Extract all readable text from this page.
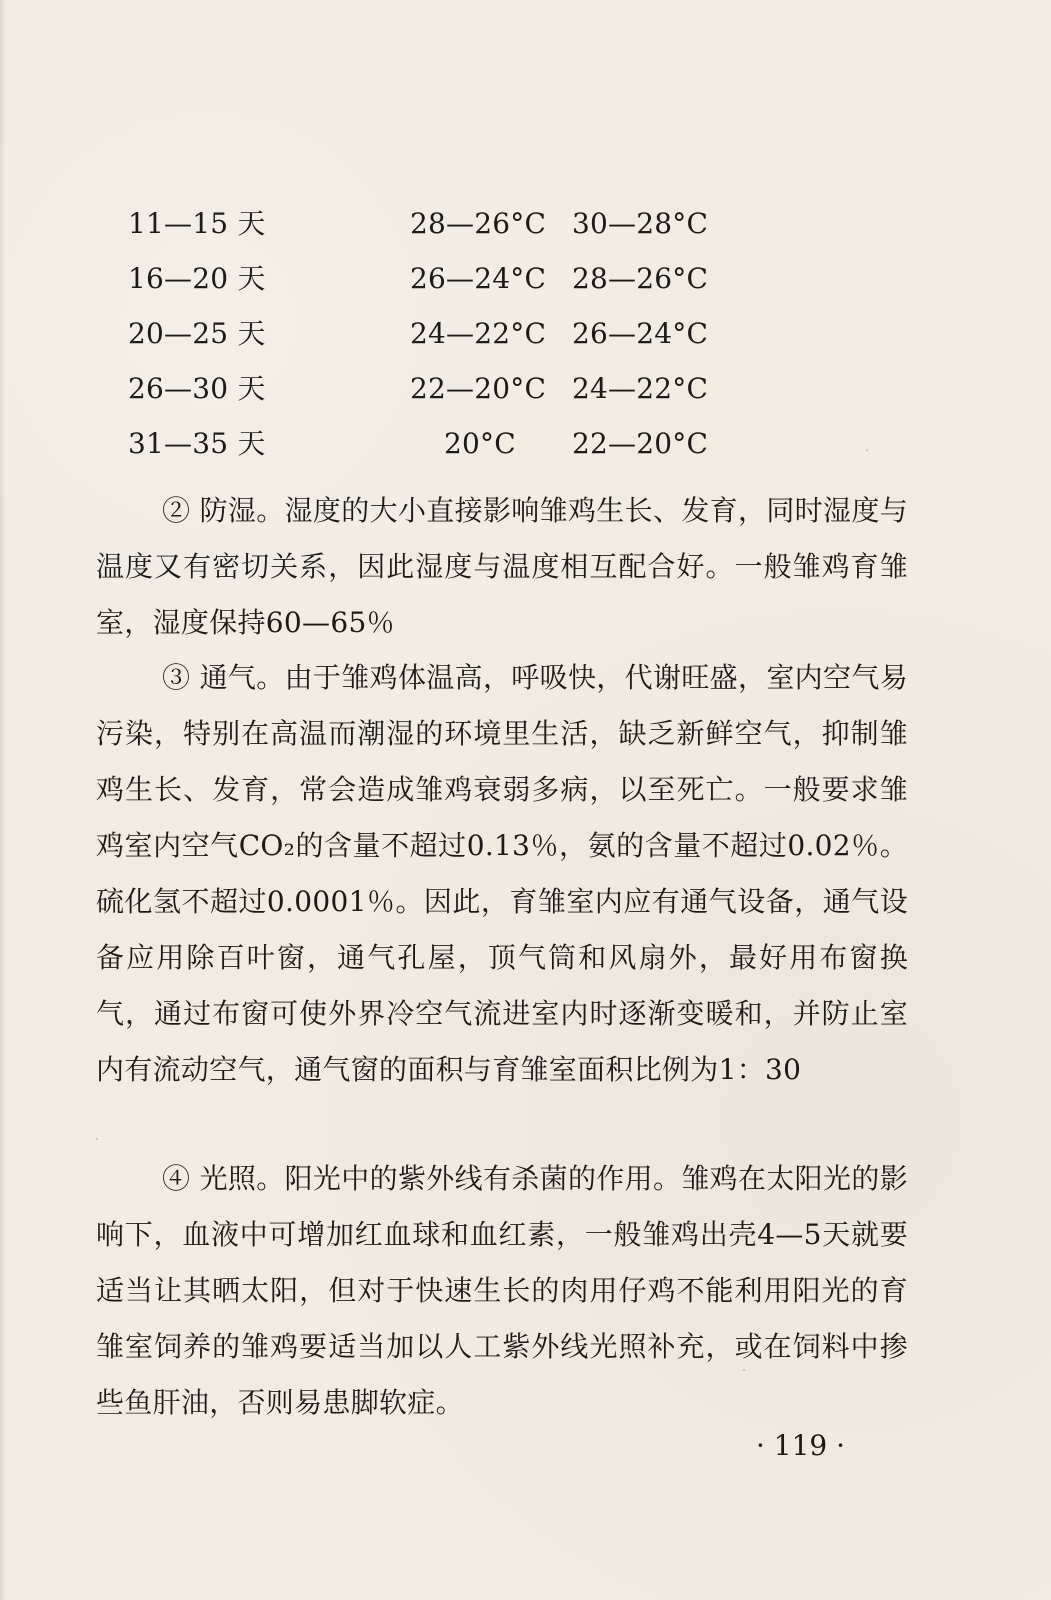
11—15 天	28—26°C 30—28°C
16—20 天	26—24°C 28—26°C
20—25 天	24—22°C 26—24°C
26—30 天	22—20°C 24—22°C
31—35 天	20°C	22—20°C

② 防湿。湿度的大小直接影响雏鸡生长、发育，同时湿度与温度又有密切关系，因此湿度与温度相互配合好。一般雏鸡育雏室，湿度保持60—65％

③ 通气。由于雏鸡体温高，呼吸快，代谢旺盛，室内空气易污染，特别在高温而潮湿的环境里生活，缺乏新鲜空气，抑制雏鸡生长、发育，常会造成雏鸡衰弱多病，以至死亡。一般要求雏鸡室内空气CO₂的含量不超过0.13％，氨的含量不超过0.02％。硫化氢不超过0.0001％。因此，育雏室内应有通气设备，通气设备应用除百叶窗，通气孔屋，顶气筒和风扇外，最好用布窗换气，通过布窗可使外界冷空气流进室内时逐渐变暖和，并防止室内有流动空气，通气窗的面积与育雏室面积比例为1：30

④ 光照。阳光中的紫外线有杀菌的作用。雏鸡在太阳光的影响下，血液中可增加红血球和血红素，一般雏鸡出壳4—5天就要适当让其晒太阳，但对于快速生长的肉用仔鸡不能利用阳光的育雏室饲养的雏鸡要适当加以人工紫外线光照补充，或在饲料中掺些鱼肝油，否则易患脚软症。

· 119 ·
